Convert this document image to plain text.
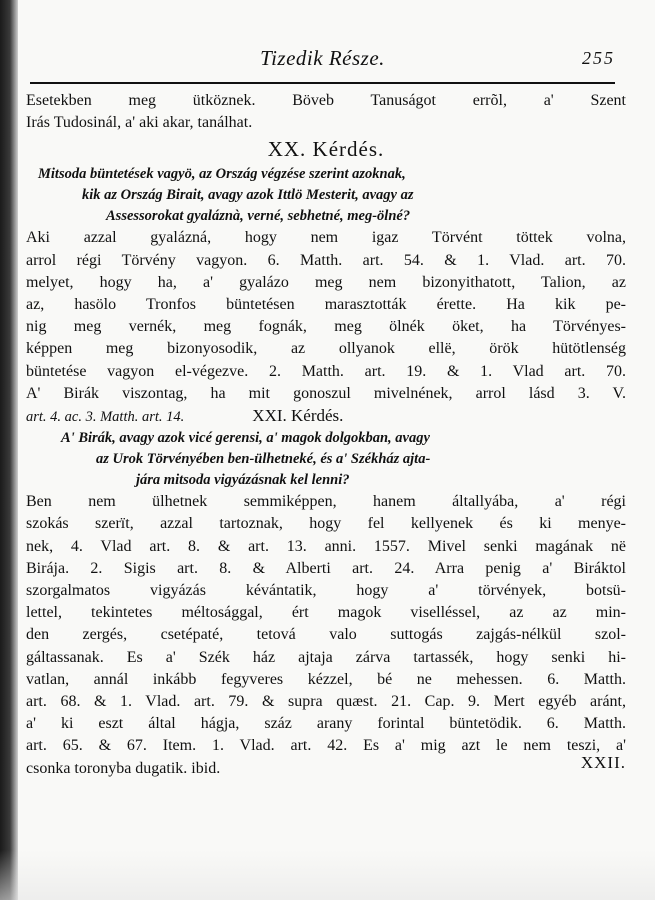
Tizedik Része.	255
Esetekben meg ütköznek. Böveb Tanuságot errõl, a' Szent
Irás Tudosinál, a' aki akar, tanálhat.
XX. Kérdés.
Mitsoda büntetések vagyö, az Ország végzése szerint azoknak,
kik az Ország Birait, avagy azok Ittlö Mesterit, avagy az
Assessorokat gyaláznà, verné, sebhetné, meg-ölné?
Aki azzal gyalázná, hogy nem igaz Törvént töttek volna,
arrol régi Törvény vagyon. 6. Matth. art. 54. & 1. Vlad. art. 70.
melyet, hogy ha, a' gyalázo meg nem bizonyithatott, Talion, az
az, hasölo Tronfos büntetésen marasztották érette. Ha kik pe-
nig meg vernék, meg fognák, meg ölnék öket, ha Törvényes-
képpen meg bizonyosodik, az ollyanok ellë, örök hütötlenség
büntetése vagyon el-végezve. 2. Matth. art. 19. & 1. Vlad art. 70.
A' Birák viszontag, ha mit gonoszul mivelnének, arrol lásd 3. V.
art. 4. ac. 3. Matth. art. 14.	XXI. Kérdés.
A' Birák, avagy azok vicé gerensi, a' magok dolgokban, avagy
az Urok Törvényében ben-ülhetneké, és a' Székház ajta-
jára mitsoda vigyázásnak kel lenni?
Ben nem ülhetnek semmiképpen, hanem általlyába, a' régi
szokás szerït, azzal tartoznak, hogy fel kellyenek és ki menye-
nek, 4. Vlad art. 8. & art. 13. anni. 1557. Mivel senki magának në
Birája. 2. Sigis art. 8. & Alberti art. 24. Arra penig a' Biráktol
szorgalmatos vigyázás kévántatik, hogy a' törvények, botsü-
lettel, tekintetes méltosággal, ért magok viselléssel, az az min-
den zergés, csetépaté, tetová valo suttogás zajgás-nélkül szol-
gáltassanak. Es a' Szék ház ajtaja zárva tartassék, hogy senki hi-
vatlan, annál inkább fegyveres kézzel, bé ne mehessen. 6. Matth.
art. 68. & 1. Vlad. art. 79. & supra quæst. 21. Cap. 9. Mert egyéb aránt,
a' ki eszt által hágja, száz arany forintal büntetödik. 6. Matth.
art. 65. & 67. Item. 1. Vlad. art. 42. Es a' mig azt le nem teszi, a'
csonka toronyba dugatik. ibid.	XXII.
